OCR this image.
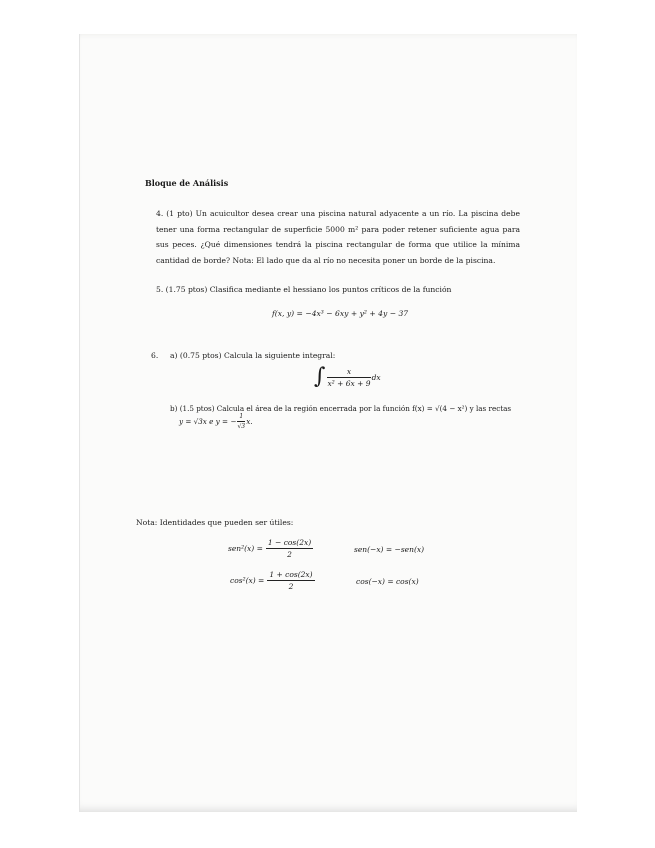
Bloque de Análisis
4. (1 pto) Un acuicultor desea crear una piscina natural adyacente a un río. La piscina debe tener una forma rectangular de superficie 5000 m² para poder retener suficiente agua para sus peces. ¿Qué dimensiones tendrá la piscina rectangular de forma que utilice la mínima cantidad de borde? Nota: El lado que da al río no necesita poner un borde de la piscina.
5. (1.75 ptos) Clasifica mediante el hessiano los puntos críticos de la función
f(x, y) = −4x³ − 6xy + y² + 4y − 37
6. a) (0.75 ptos) Calcula la siguiente integral:
∫ $\frac{x}{\text{x² + 6x + 9}}$ dx
b) (1.5 ptos) Calcula el área de la región encerrada por la función f(x) = √(4 − x²) y las rectas
y = √3x e y = − $\frac{1}{√3} x$.
Nota: Identidades que pueden ser útiles:
$sen^2(x) = \frac{1 - \cos(2x)}{2}$	sen(−x) = −sen(x)
$\cos^2(x) = \frac{1 + \cos(2x)}{2}$	cos(−x) = cos(x)
